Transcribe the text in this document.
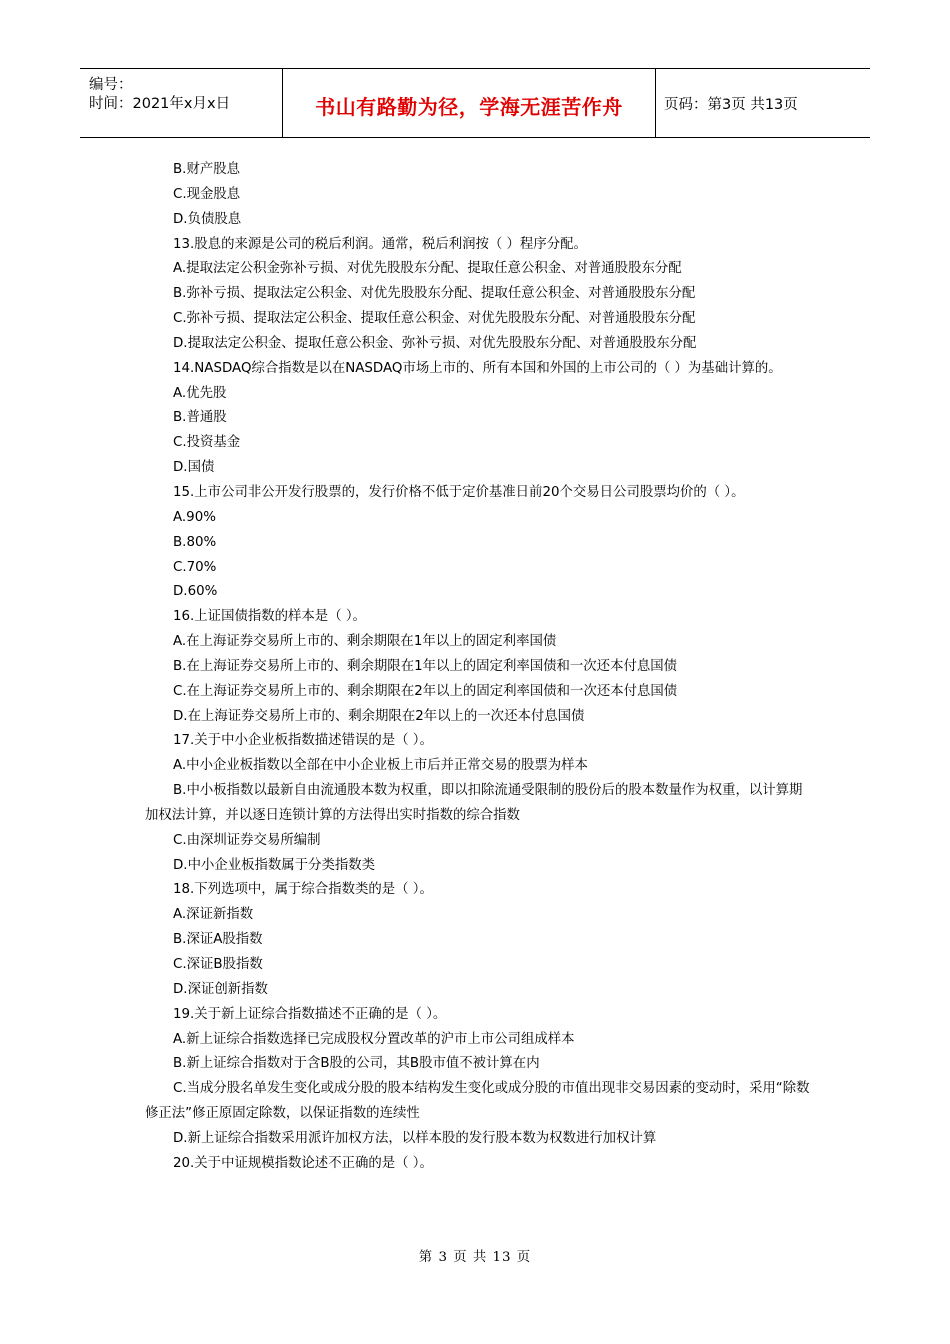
编号：
时间：2021年x月x日	书山有路勤为径，学海无涯苦作舟	页码：第3页 共13页
B.财产股息
C.现金股息
D.负债股息
13.股息的来源是公司的税后利润。通常，税后利润按（ ）程序分配。
A.提取法定公积金弥补亏损、对优先股股东分配、提取任意公积金、对普通股股东分配
B.弥补亏损、提取法定公积金、对优先股股东分配、提取任意公积金、对普通股股东分配
C.弥补亏损、提取法定公积金、提取任意公积金、对优先股股东分配、对普通股股东分配
D.提取法定公积金、提取任意公积金、弥补亏损、对优先股股东分配、对普通股股东分配
14.NASDAQ综合指数是以在NASDAQ市场上市的、所有本国和外国的上市公司的（ ）为基础计算的。
A.优先股
B.普通股
C.投资基金
D.国债
15.上市公司非公开发行股票的，发行价格不低于定价基准日前20个交易日公司股票均价的（ ）。
A.90%
B.80%
C.70%
D.60%
16.上证国债指数的样本是（ ）。
A.在上海证券交易所上市的、剩余期限在1年以上的固定利率国债
B.在上海证券交易所上市的、剩余期限在1年以上的固定利率国债和一次还本付息国债
C.在上海证券交易所上市的、剩余期限在2年以上的固定利率国债和一次还本付息国债
D.在上海证券交易所上市的、剩余期限在2年以上的一次还本付息国债
17.关于中小企业板指数描述错误的是（ ）。
A.中小企业板指数以全部在中小企业板上市后并正常交易的股票为样本
B.中小板指数以最新自由流通股本数为权重，即以扣除流通受限制的股份后的股本数量作为权重，以计算期加权法计算，并以逐日连锁计算的方法得出实时指数的综合指数
C.由深圳证券交易所编制
D.中小企业板指数属于分类指数类
18.下列选项中，属于综合指数类的是（ ）。
A.深证新指数
B.深证A股指数
C.深证B股指数
D.深证创新指数
19.关于新上证综合指数描述不正确的是（ ）。
A.新上证综合指数选择已完成股权分置改革的沪市上市公司组成样本
B.新上证综合指数对于含B股的公司，其B股市值不被计算在内
C.当成分股名单发生变化或成分股的股本结构发生变化或成分股的市值出现非交易因素的变动时，采用“除数修正法”修正原固定除数，以保证指数的连续性
D.新上证综合指数采用派许加权方法，以样本股的发行股本数为权数进行加权计算
20.关于中证规模指数论述不正确的是（ ）。
第 3 页 共 13 页
